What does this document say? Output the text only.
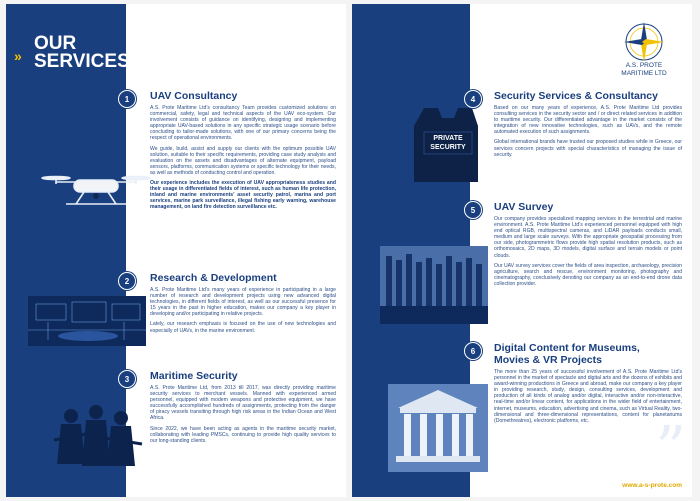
»
OUR
SERVICES
1	UAV Consultancy

A.S. Prote Maritime Ltd’s consultancy Team provides customized solutions on commercial, safety, legal and technical aspects of the UAV eco-system. Our involvement consists of guidance on identifying, designing and implementing appropriate UAV-based solutions in any specific strategic usage scenario before concluding to tailor-made solutions, with one of our primary concerns being the respect of operational environments.

We guide, build, assist and supply our clients with the optimum possible UAV solution, suitable to their specific requirements, providing case study analysis and evaluation on the assets and disadvantages of alternate equipment, payload sensors, platforms, communication systems or specific technology for their needs, as well as methods of conducting control and operation.

Our experience includes the execution of UAV appropriateness studies and their usage in differentiated fields of interest, such as human life protection, inland and marine environments’ asset security patrol, marina and port services, marine park surveillance, illegal fishing early warning, warehouse management, on land fire detection surveillance etc.

2	Research & Development

A.S. Prote Maritime Ltd’s many years of experience in participating in a large number of research and development projects using new advanced digital technologies, in different fields of interest, as well as our successful presence for 15 years in the past in higher education, makes our company a key player in developing and/or participating in relative projects.

Lately, our research emphasis is focused on the use of new technologies and especially of UAVs, in the marine environment.

3	Maritime Security

A.S. Prote Maritime Ltd, from 2013 till 2017, was directly providing maritime security services to merchant vessels. Manned with experienced armed personnel, equipped with modern weapons and protective equipment, we have successfully accomplished hundreds of assignments, protecting from the danger of piracy vessels transiting through high risk areas in the Indian Ocean and West Africa.

Since 2022, we have been acting as agents in the maritime security market, collaborating with leading PMSCs, continuing to provide high quality services to our long-standing clients.

A.S. PROTE
MARITIME LTD
PRIVATE
SECURITY
4	Security Services & Consultancy

Based on our many years of experience, A.S. Prote Maritime Ltd provides consulting services in the security sector and / or direct related services in addition to maritime security. Our differentiated advantage in the market consists of the integration of new innovative technologies, such as UAVs, and the remote automated execution of such assignments.

Global international brands have trusted our proposed studies while in Greece, our services concern projects with special characteristics of managing the issue of security.

5	UAV Survey

Our company provides specialized mapping services in the terrestrial and marine environment. A.S. Prote Maritime Ltd’s experienced personnel equipped with high end optical RGB, multispectral cameras, and LiDAR payloads conducts small, medium and large scale surveys. With the appropriate geospatial processing from our side, photogrammetric flows provide high spatial resolution products, such as orthomosaics, 2D maps, 3D models, digital surface and terrain models or point clouds.

Our UAV survey services cover the fields of area inspection, archaeology, precision agriculture, search and rescue, environment monitoring, photography and cinematography, conclusively denoting our company as an end-to-end drone data collection provider.

6	Digital Content for Museums,
Movies & VR Projects

The more than 25 years of successful involvement of A.S. Prote Maritime Ltd’s personnel in the market of spectacle and digital arts and the dozens of exhibits and award-winning productions in Greece and abroad, make our company a key player in providing research, study, design, consulting services, development and production of all kinds of analog and/or digital, interactive and/or non-interactive, real-time and/or linear content, for applications in the wider field of entertainment, internet, museums, education, advertising and cinema, such as Virtual Reality, two-dimensional and three-dimensional representations, content for planetariums (Domethreatres), electronic platforms, etc.	”
www.a-s-prote.com
